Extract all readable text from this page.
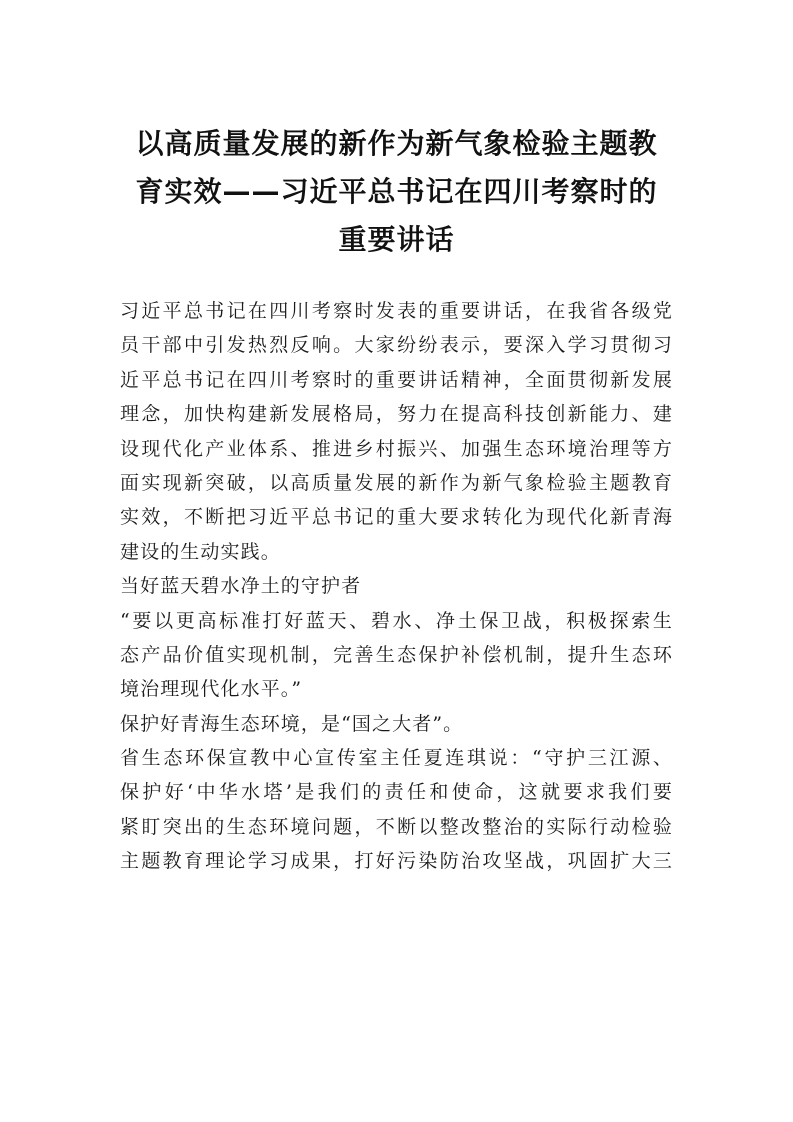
以高质量发展的新作为新气象检验主题教
育实效——习近平总书记在四川考察时的
重要讲话
习近平总书记在四川考察时发表的重要讲话，在我省各级党
员干部中引发热烈反响。大家纷纷表示，要深入学习贯彻习
近平总书记在四川考察时的重要讲话精神，全面贯彻新发展
理念，加快构建新发展格局，努力在提高科技创新能力、建
设现代化产业体系、推进乡村振兴、加强生态环境治理等方
面实现新突破，以高质量发展的新作为新气象检验主题教育
实效，不断把习近平总书记的重大要求转化为现代化新青海
建设的生动实践。
当好蓝天碧水净土的守护者
“要以更高标准打好蓝天、碧水、净土保卫战，积极探索生
态产品价值实现机制，完善生态保护补偿机制，提升生态环
境治理现代化水平。”
保护好青海生态环境，是“国之大者”。
省生态环保宣教中心宣传室主任夏连琪说：“守护三江源、
保护好‘中华水塔’是我们的责任和使命，这就要求我们要
紧盯突出的生态环境问题，不断以整改整治的实际行动检验
主题教育理论学习成果，打好污染防治攻坚战，巩固扩大三
